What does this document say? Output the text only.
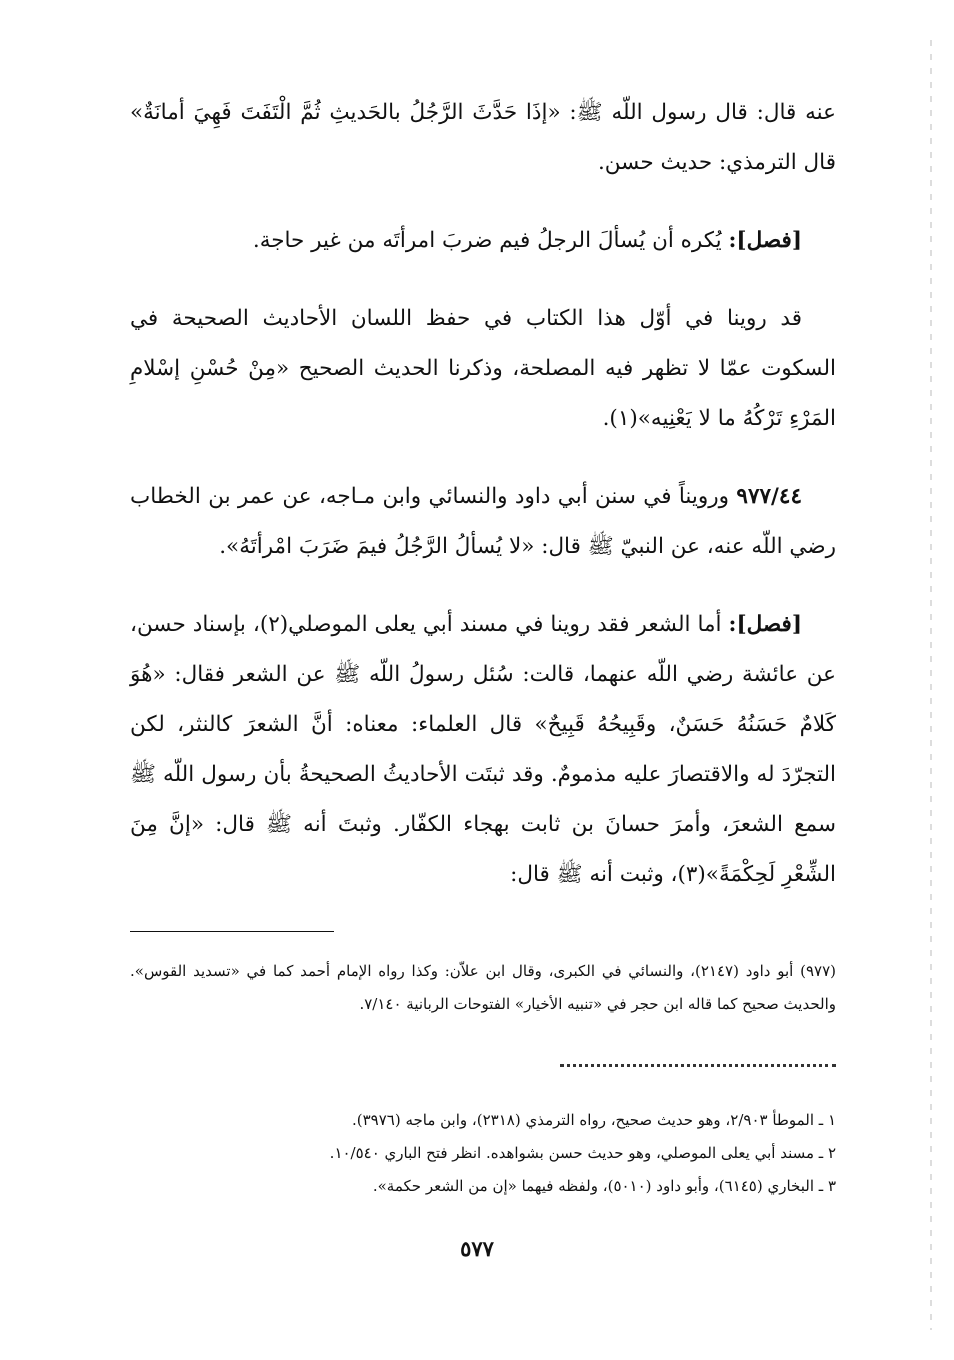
عنه قال: قال رسول اللّه ﷺ: «إذَا حَدَّثَ الرَّجُلُ بالحَديثِ ثُمَّ الْتَفَتَ فَهِيَ أمانَةٌ» قال الترمذي: حديث حسن.

[فصل]: يُكره أن يُسألَ الرجلُ فيم ضربَ امرأتَه من غير حاجة.

قد روينا في أوّل هذا الكتاب في حفظ اللسان الأحاديث الصحيحة في السكوت عمّا لا تظهر فيه المصلحة، وذكرنا الحديث الصحيح «مِنْ حُسْنِ إسْلامِ المَرْءِ تَرْكُهُ ما لا يَعْنِيه»(١).

٩٧٧/٤٤ ورويناً في سنن أبي داود والنسائي وابن مـاجه، عن عمر بن الخطاب رضي اللّه عنه، عن النبيّ ﷺ قال: «لا يُسألُ الرَّجُلُ فيمَ ضَرَبَ امْرأتَهُ».

[فصل]: أما الشعر فقد روينا في مسند أبي يعلى الموصلي(٢)، بإسناد حسن، عن عائشة رضي اللّه عنهما، قالت: سُئل رسولُ اللّه ﷺ عن الشعر فقال: «هُوَ كَلامٌ حَسَنُهُ حَسَنٌ، وقَبِيحُهُ قَبِيحٌ» قال العلماء: معناه: أنَّ الشعرَ كالنثر، لكن التجرّدَ له والاقتصارَ عليه مذمومٌ. وقد ثبتَت الأحاديثُ الصحيحةُ بأن رسول اللّه ﷺ سمع الشعرَ، وأمرَ حسانَ بن ثابت بهجاء الكفّار. وثبتَ أنه ﷺ قال: «إنَّ مِنَ الشِّعْرِ لَحِكْمَةً»(٣)، وثبت أنه ﷺ قال:

(٩٧٧) أبو داود (٢١٤٧)، والنسائي في الكبرى، وقال ابن علاّن: وكذا رواه الإمام أحمد كما في «تسديد القوس». والحديث صحيح كما قاله ابن حجر في «تنبيه الأخيار» الفتوحات الربانية ٧/١٤٠.

١ ـ الموطأ ٢/٩٠٣، وهو حديث صحيح، رواه الترمذي (٢٣١٨)، وابن ماجه (٣٩٧٦).

٢ ـ مسند أبي يعلى الموصلي، وهو حديث حسن بشواهده. انظر فتح الباري ١٠/٥٤٠.

٣ ـ البخاري (٦١٤٥)، وأبو داود (٥٠١٠)، ولفظه فيهما «إن من الشعر حكمة».

٥٧٧
